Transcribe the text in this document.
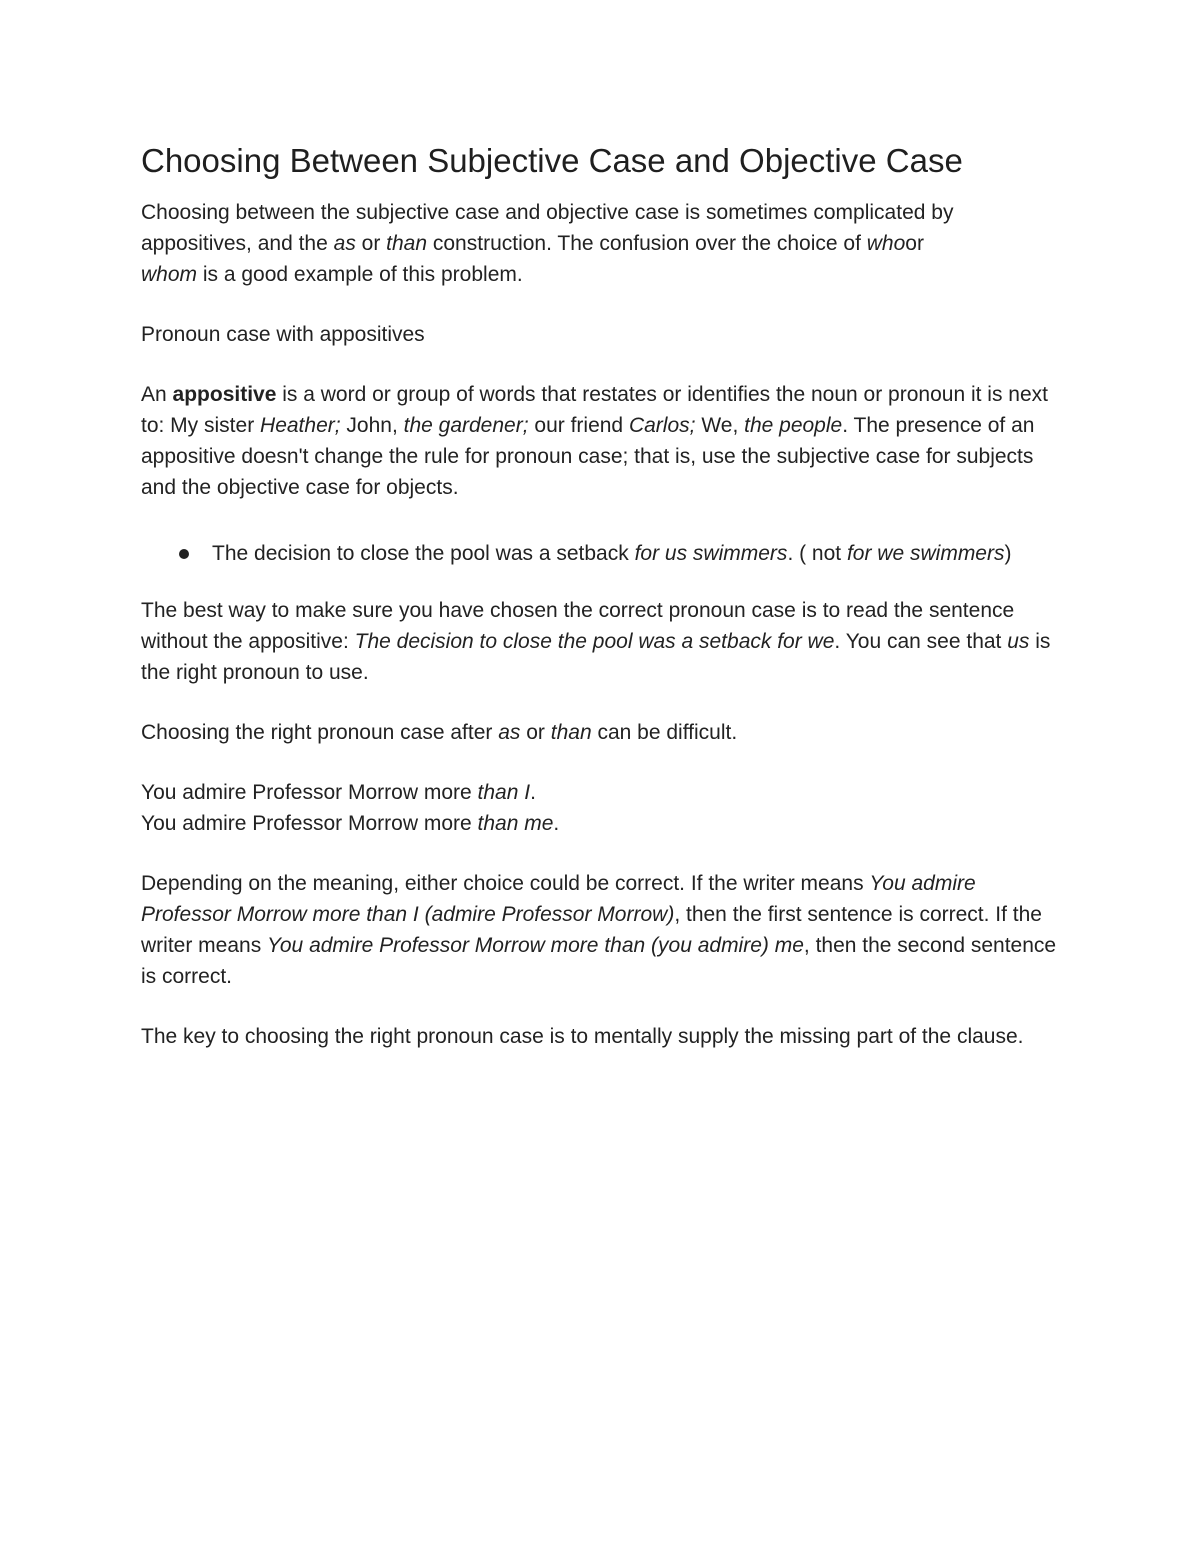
Choosing Between Subjective Case and Objective Case

Choosing between the subjective case and objective case is sometimes complicated by appositives, and the as or than construction. The confusion over the choice of whoor
whom is a good example of this problem.

Pronoun case with appositives

An appositive is a word or group of words that restates or identifies the noun or pronoun it is next to: My sister Heather; John, the gardener; our friend Carlos; We, the people. The presence of an appositive doesn't change the rule for pronoun case; that is, use the subjective case for subjects and the objective case for objects.

The decision to close the pool was a setback for us swimmers. ( not for we swimmers)

The best way to make sure you have chosen the correct pronoun case is to read the sentence without the appositive: The decision to close the pool was a setback for we. You can see that us is the right pronoun to use.

Choosing the right pronoun case after as or than can be difficult.

You admire Professor Morrow more than I.

You admire Professor Morrow more than me.

Depending on the meaning, either choice could be correct. If the writer means You admire Professor Morrow more than I (admire Professor Morrow), then the first sentence is correct. If the writer means You admire Professor Morrow more than (you admire) me, then the second sentence is correct.

The key to choosing the right pronoun case is to mentally supply the missing part of the clause.
